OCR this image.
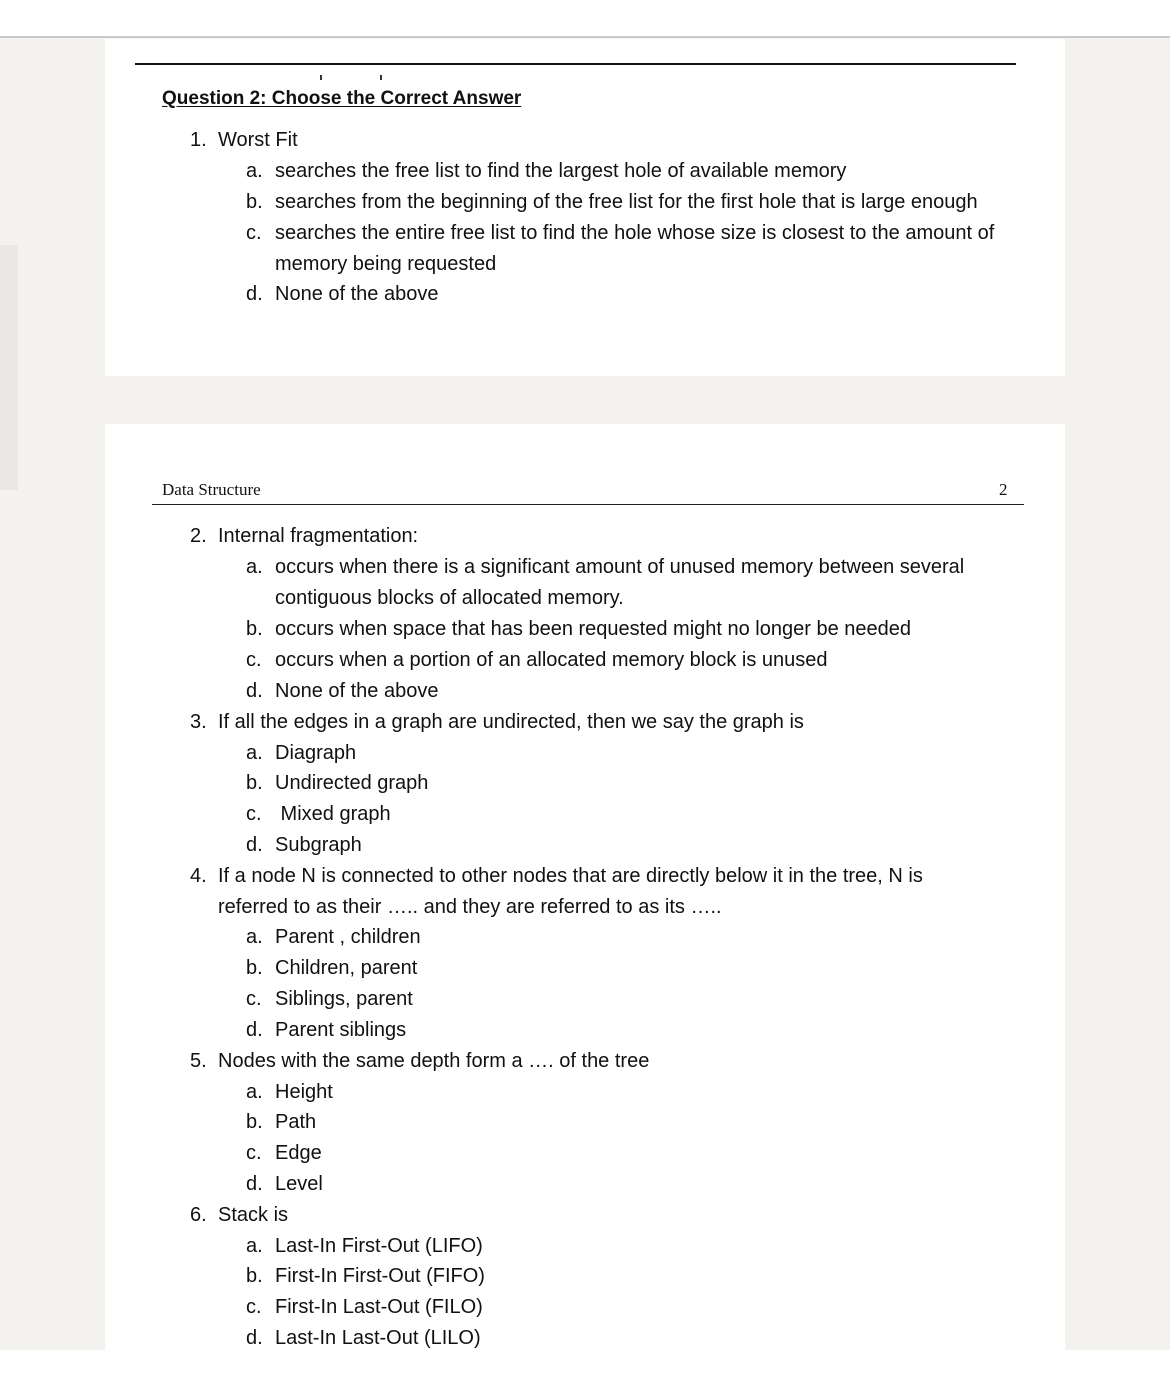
Question 2: Choose the Correct Answer
1. Worst Fit
a. searches the free list to find the largest hole of available memory
b. searches from the beginning of the free list for the first hole that is large enough
c. searches the entire free list to find the hole whose size is closest to the amount of
memory being requested
d. None of the above
Data Structure	2
2. Internal fragmentation:
a. occurs when there is a significant amount of unused memory between several
contiguous blocks of allocated memory.
b. occurs when space that has been requested might no longer be needed
c. occurs when a portion of an allocated memory block is unused
d. None of the above
3. If all the edges in a graph are undirected, then we say the graph is
a. Diagraph
b. Undirected graph
c. Mixed graph
d. Subgraph
4. If a node N is connected to other nodes that are directly below it in the tree, N is
referred to as their ….. and they are referred to as its …..
a. Parent , children
b. Children, parent
c. Siblings, parent
d. Parent siblings
5. Nodes with the same depth form a …. of the tree
a. Height
b. Path
c. Edge
d. Level
6. Stack is
a. Last-In First-Out (LIFO)
b. First-In First-Out (FIFO)
c. First-In Last-Out (FILO)
d. Last-In Last-Out (LILO)
